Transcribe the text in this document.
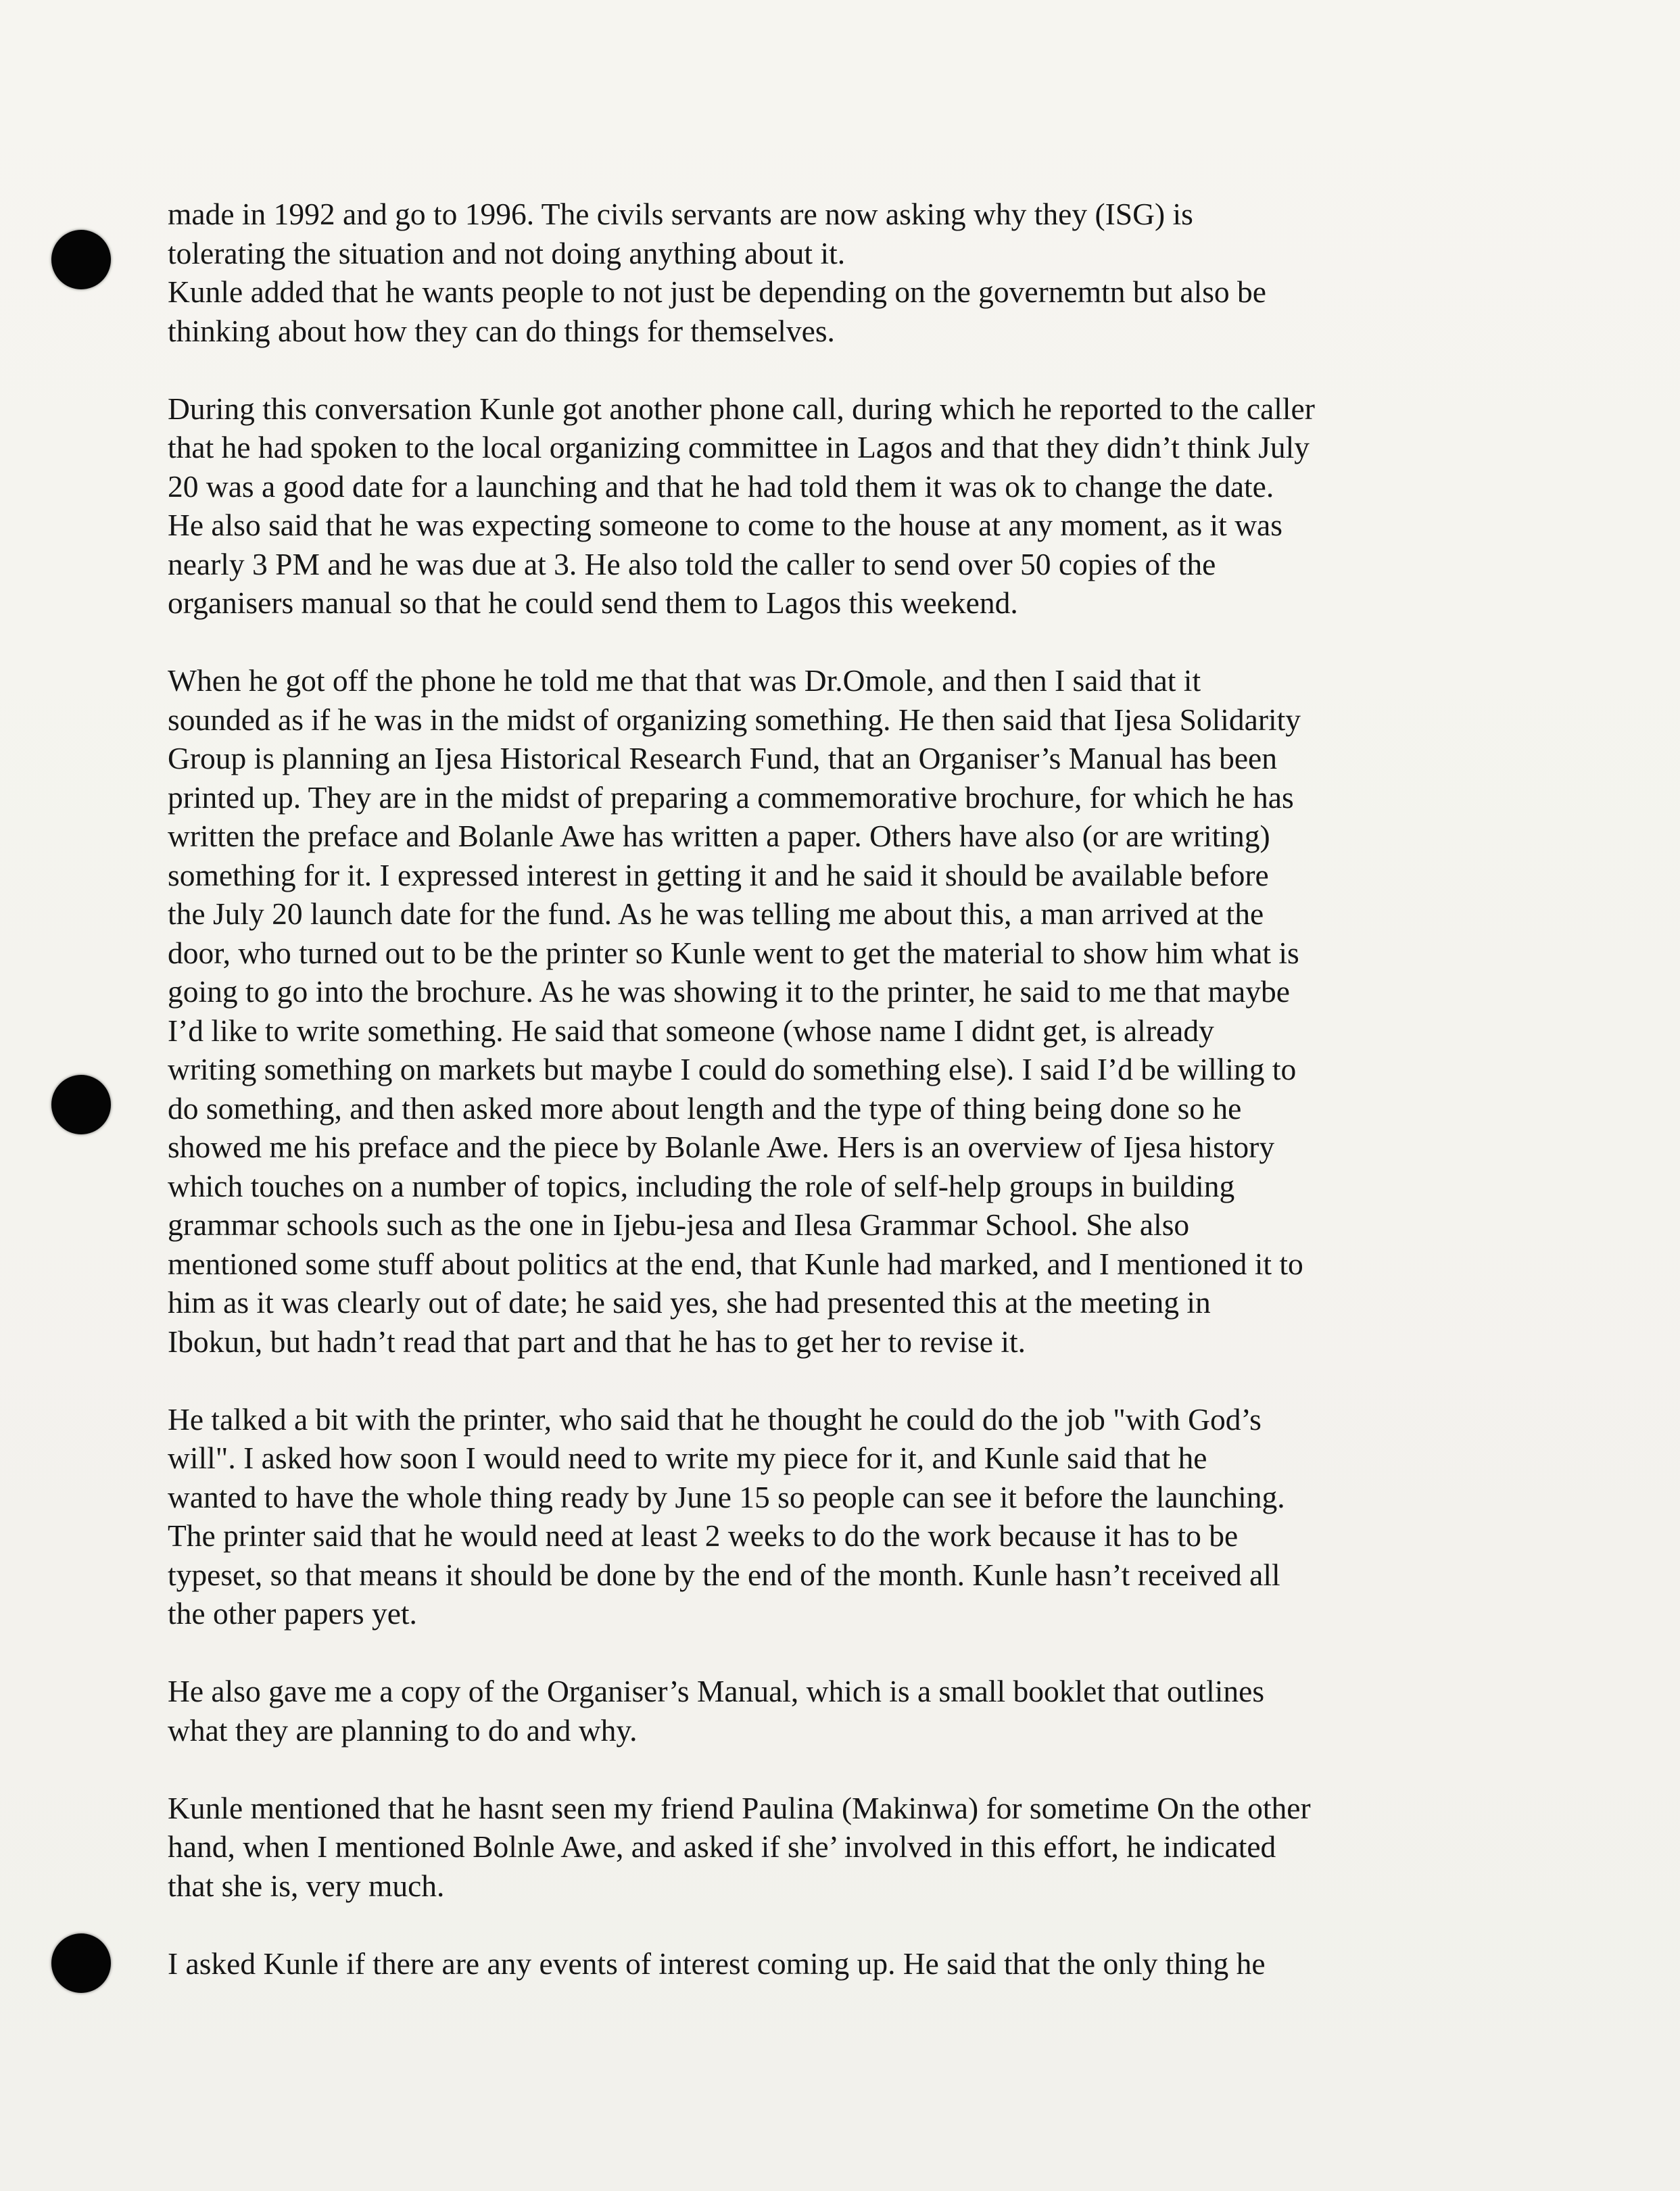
made in 1992 and go to 1996. The civils servants are now asking why they (ISG) is
tolerating the situation and not doing anything about it.
Kunle added that he wants people to not just be depending on the governemtn but also be
thinking about how they can do things for themselves.
During this conversation Kunle got another phone call, during which he reported to the caller
that he had spoken to the local organizing committee in Lagos and that they didn’t think July
20 was a good date for a launching and that he had told them it was ok to change the date.
He also said that he was expecting someone to come to the house at any moment, as it was
nearly 3 PM and he was due at 3. He also told the caller to send over 50 copies of the
organisers manual so that he could send them to Lagos this weekend.
When he got off the phone he told me that that was Dr.Omole, and then I said that it
sounded as if he was in the midst of organizing something. He then said that Ijesa Solidarity
Group is planning an Ijesa Historical Research Fund, that an Organiser’s Manual has been
printed up. They are in the midst of preparing a commemorative brochure, for which he has
written the preface and Bolanle Awe has written a paper. Others have also (or are writing)
something for it. I expressed interest in getting it and he said it should be available before
the July 20 launch date for the fund. As he was telling me about this, a man arrived at the
door, who turned out to be the printer so Kunle went to get the material to show him what is
going to go into the brochure. As he was showing it to the printer, he said to me that maybe
I’d like to write something. He said that someone (whose name I didnt get, is already
writing something on markets but maybe I could do something else). I said I’d be willing to
do something, and then asked more about length and the type of thing being done so he
showed me his preface and the piece by Bolanle Awe. Hers is an overview of Ijesa history
which touches on a number of topics, including the role of self-help groups in building
grammar schools such as the one in Ijebu-jesa and Ilesa Grammar School. She also
mentioned some stuff about politics at the end, that Kunle had marked, and I mentioned it to
him as it was clearly out of date; he said yes, she had presented this at the meeting in
Ibokun, but hadn’t read that part and that he has to get her to revise it.
He talked a bit with the printer, who said that he thought he could do the job "with God’s
will". I asked how soon I would need to write my piece for it, and Kunle said that he
wanted to have the whole thing ready by June 15 so people can see it before the launching.
The printer said that he would need at least 2 weeks to do the work because it has to be
typeset, so that means it should be done by the end of the month. Kunle hasn’t received all
the other papers yet.
He also gave me a copy of the Organiser’s Manual, which is a small booklet that outlines
what they are planning to do and why.
Kunle mentioned that he hasnt seen my friend Paulina (Makinwa) for sometime On the other
hand, when I mentioned Bolnle Awe, and asked if she’ involved in this effort, he indicated
that she is, very much.
I asked Kunle if there are any events of interest coming up. He said that the only thing he
